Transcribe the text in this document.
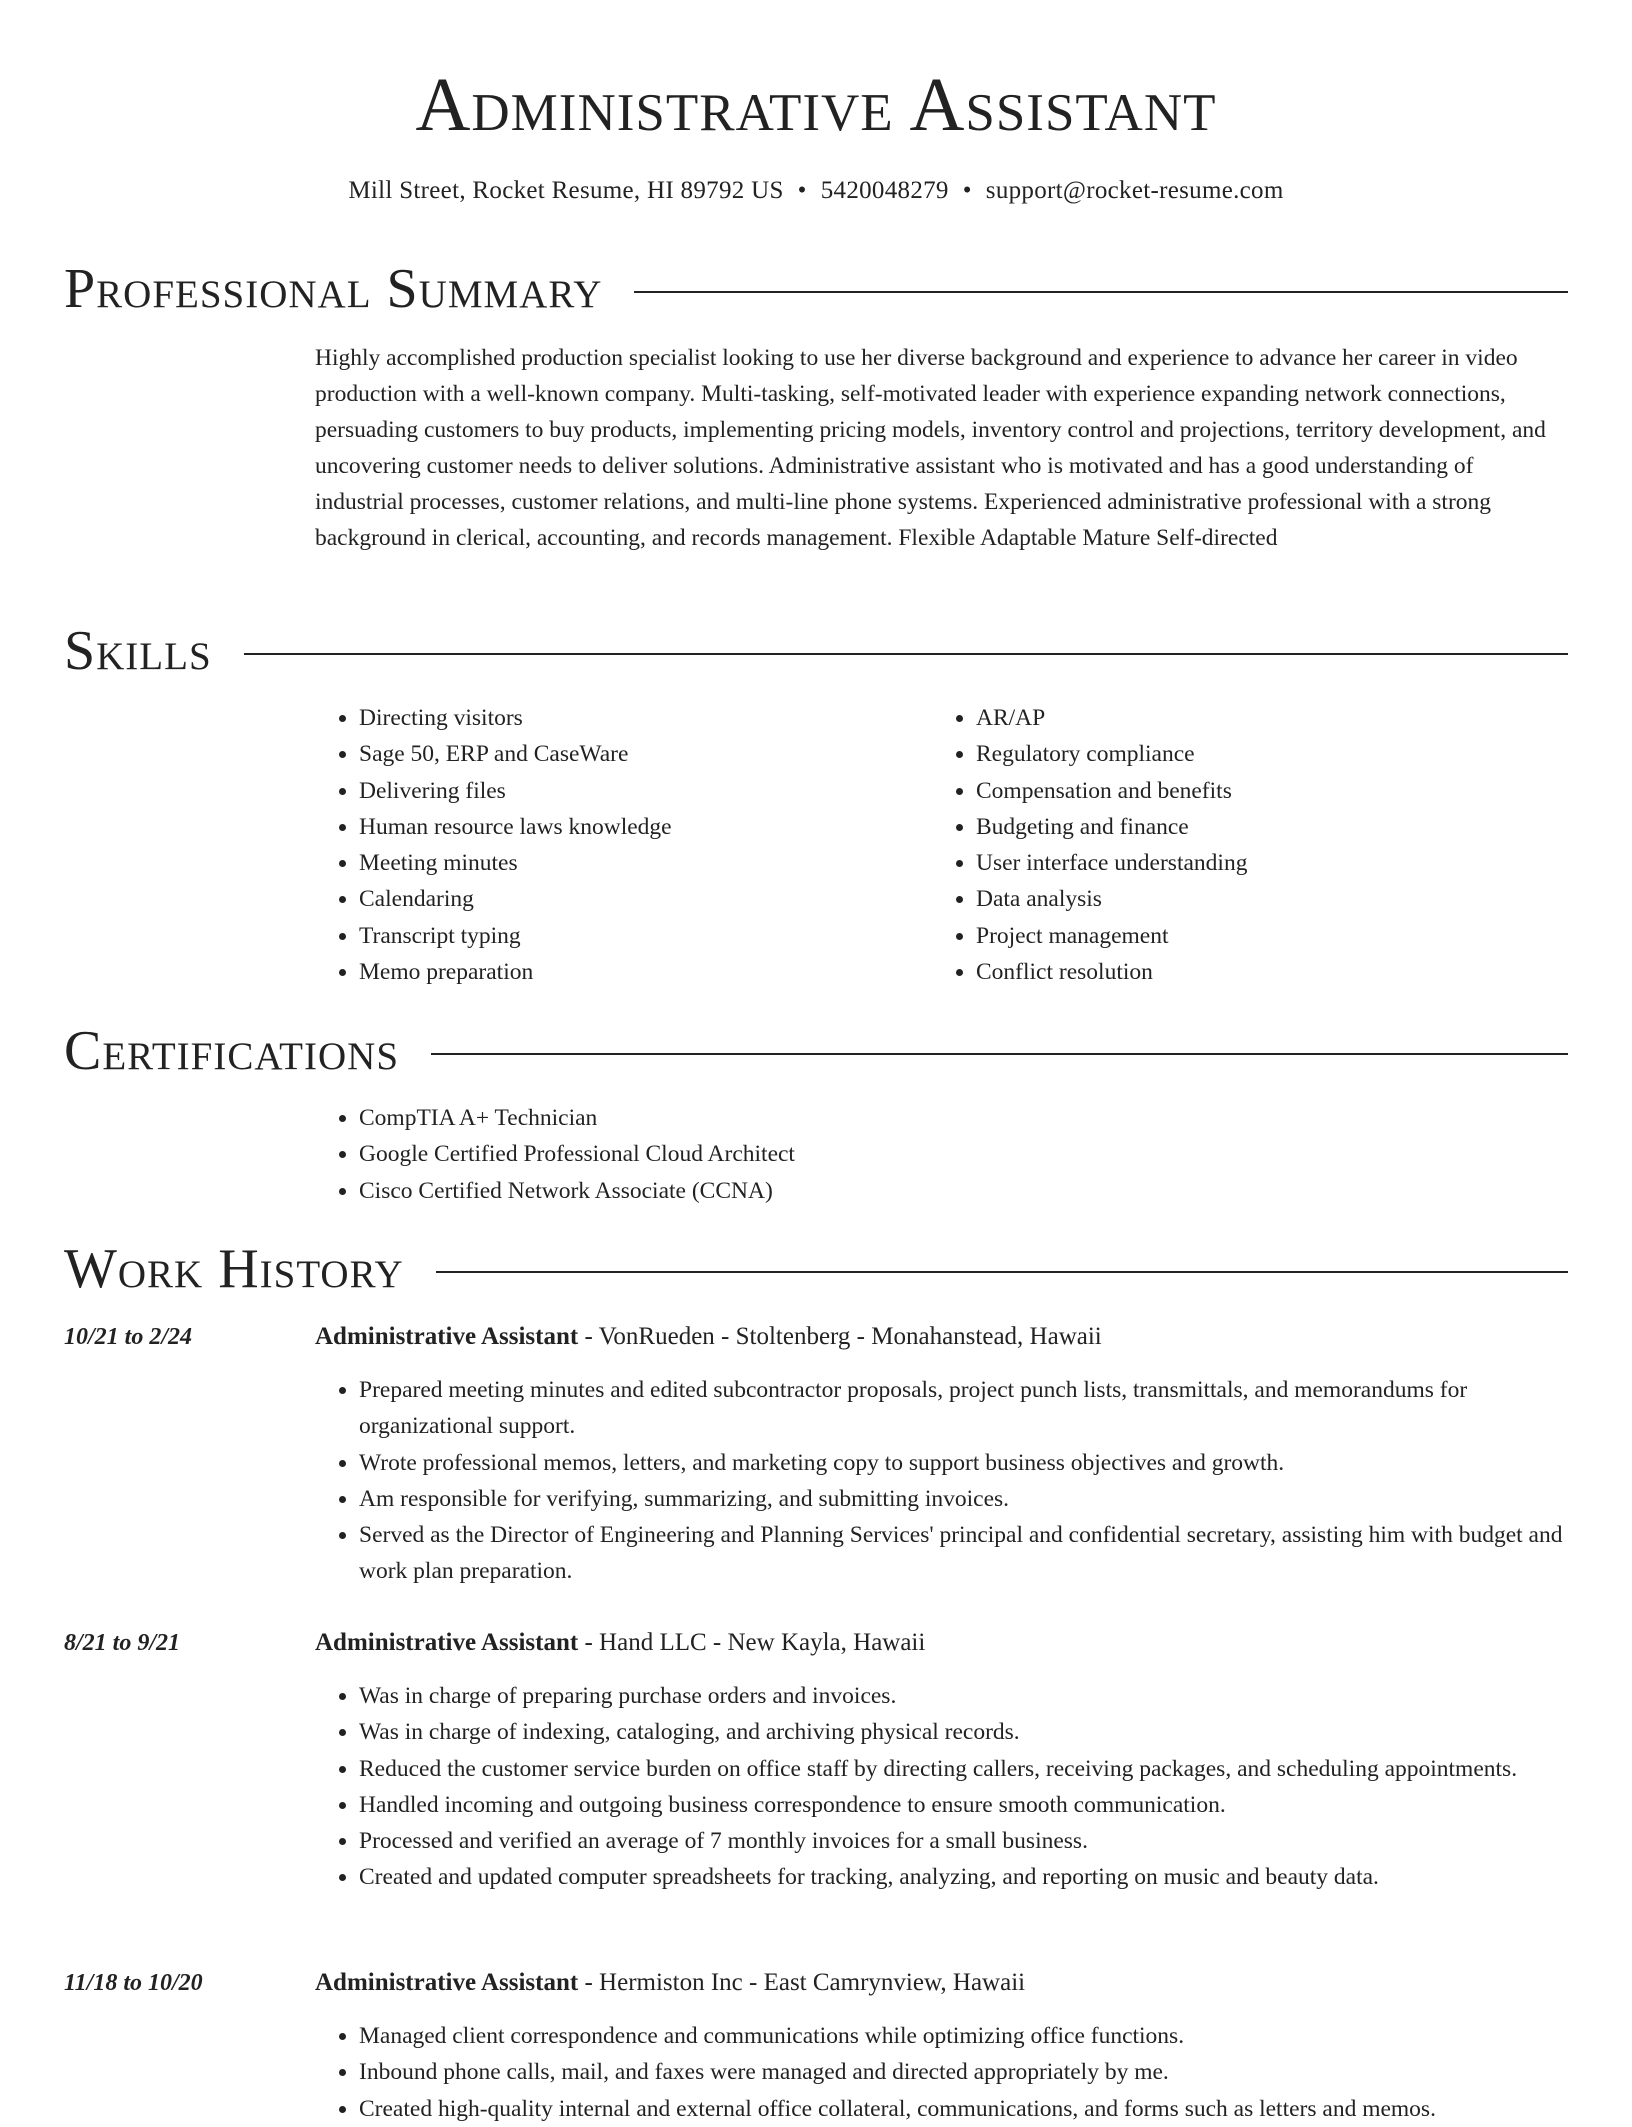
Administrative Assistant
Mill Street, Rocket Resume, HI 89792 US • 5420048279 • support@rocket-resume.com
Professional Summary

Highly accomplished production specialist looking to use her diverse background and experience to advance her career in video production with a well-known company. Multi-tasking, self-motivated leader with experience expanding network connections, persuading customers to buy products, implementing pricing models, inventory control and projections, territory development, and uncovering customer needs to deliver solutions. Administrative assistant who is motivated and has a good understanding of industrial processes, customer relations, and multi-line phone systems. Experienced administrative professional with a strong background in clerical, accounting, and records management. Flexible Adaptable Mature Self-directed

Skills
• Directing visitors
• Sage 50, ERP and CaseWare
• Delivering files
• Human resource laws knowledge
• Meeting minutes
• Calendaring
• Transcript typing
• Memo preparation
• AR/AP
• Regulatory compliance
• Compensation and benefits
• Budgeting and finance
• User interface understanding
• Data analysis
• Project management
• Conflict resolution
Certifications
• CompTIA A+ Technician
• Google Certified Professional Cloud Architect
• Cisco Certified Network Associate (CCNA)
Work History
10/21 to 2/24	Administrative Assistant - VonRueden - Stoltenberg - Monahanstead, Hawaii
• Prepared meeting minutes and edited subcontractor proposals, project punch lists, transmittals, and memorandums for organizational support.
• Wrote professional memos, letters, and marketing copy to support business objectives and growth.
• Am responsible for verifying, summarizing, and submitting invoices.
• Served as the Director of Engineering and Planning Services' principal and confidential secretary, assisting him with budget and work plan preparation.
8/21 to 9/21	Administrative Assistant - Hand LLC - New Kayla, Hawaii
• Was in charge of preparing purchase orders and invoices.
• Was in charge of indexing, cataloging, and archiving physical records.
• Reduced the customer service burden on office staff by directing callers, receiving packages, and scheduling appointments.
• Handled incoming and outgoing business correspondence to ensure smooth communication.
• Processed and verified an average of 7 monthly invoices for a small business.
• Created and updated computer spreadsheets for tracking, analyzing, and reporting on music and beauty data.
11/18 to 10/20	Administrative Assistant - Hermiston Inc - East Camrynview, Hawaii
• Managed client correspondence and communications while optimizing office functions.
• Inbound phone calls, mail, and faxes were managed and directed appropriately by me.
• Created high-quality internal and external office collateral, communications, and forms such as letters and memos.
